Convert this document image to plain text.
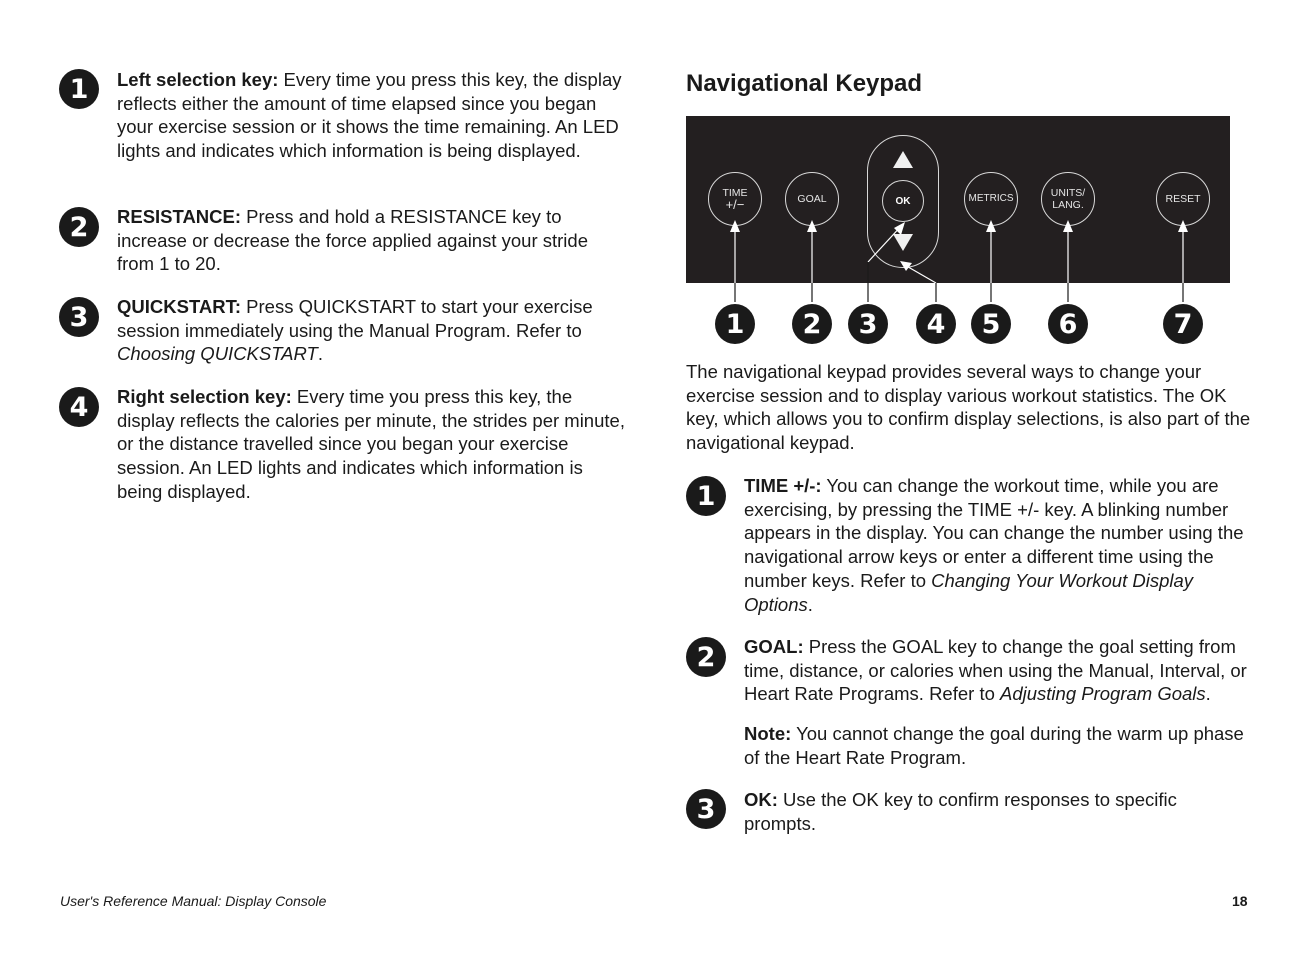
1	Left selection key: Every time you press this key, the display reflects either the amount of time elapsed since you began your exercise session or it shows the time remaining. An LED lights and indicates which information is being displayed.

2	RESISTANCE: Press and hold a RESISTANCE key to increase or decrease the force applied against your stride from 1 to 20.

3	QUICKSTART: Press QUICKSTART to start your exercise session immediately using the Manual Program. Refer to Choosing QUICKSTART.

4	Right selection key: Every time you press this key, the display reflects the calories per minute, the strides per minute, or the distance travelled since you began your exercise session. An LED lights and indicates which information is being displayed.

Navigational Keypad
TIME
+/−	GOAL	OK	METRICS	UNITS/
LANG.	RESET
1	2	3	4	5	6	7

The navigational keypad provides several ways to change your exercise session and to display various workout statistics. The OK key, which allows you to confirm display selections, is also part of the navigational keypad.

1	TIME +/-: You can change the workout time, while you are exercising, by pressing the TIME +/- key. A blinking number appears in the display. You can change the number using the navigational arrow keys or enter a different time using the number keys. Refer to Changing Your Workout Display Options.

2	GOAL: Press the GOAL key to change the goal setting from time, distance, or calories when using the Manual, Interval, or Heart Rate Programs. Refer to Adjusting Program Goals.

Note: You cannot change the goal during the warm up phase of the Heart Rate Program.

3	OK: Use the OK key to confirm responses to specific prompts.

User's Reference Manual: Display Console	18
